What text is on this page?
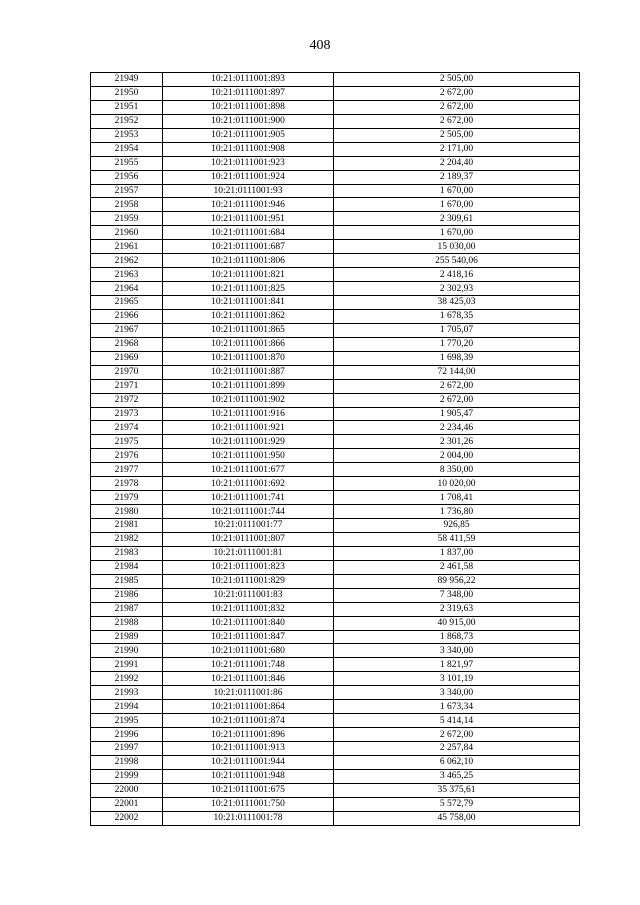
408
21949	10:21:0111001:893	2 505,00
21950	10:21:0111001:897	2 672,00
21951	10:21:0111001:898	2 672,00
21952	10:21:0111001:900	2 672,00
21953	10:21:0111001:905	2 505,00
21954	10:21:0111001:908	2 171,00
21955	10:21:0111001:923	2 204,40
21956	10:21:0111001:924	2 189,37
21957	10:21:0111001:93	1 670,00
21958	10:21:0111001:946	1 670,00
21959	10:21:0111001:951	2 309,61
21960	10:21:0111001:684	1 670,00
21961	10:21:0111001:687	15 030,00
21962	10:21:0111001:806	255 540,06
21963	10:21:0111001:821	2 418,16
21964	10:21:0111001:825	2 302,93
21965	10:21:0111001:841	38 425,03
21966	10:21:0111001:862	1 678,35
21967	10:21:0111001:865	1 705,07
21968	10:21:0111001:866	1 770,20
21969	10:21:0111001:870	1 698,39
21970	10:21:0111001:887	72 144,00
21971	10:21:0111001:899	2 672,00
21972	10:21:0111001:902	2 672,00
21973	10:21:0111001:916	1 905,47
21974	10:21:0111001:921	2 234,46
21975	10:21:0111001:929	2 301,26
21976	10:21:0111001:950	2 004,00
21977	10:21:0111001:677	8 350,00
21978	10:21:0111001:692	10 020,00
21979	10:21:0111001:741	1 708,41
21980	10:21:0111001:744	1 736,80
21981	10:21:0111001:77	926,85
21982	10:21:0111001:807	58 411,59
21983	10:21:0111001:81	1 837,00
21984	10:21:0111001:823	2 461,58
21985	10:21:0111001:829	89 956,22
21986	10:21:0111001:83	7 348,00
21987	10:21:0111001:832	2 319,63
21988	10:21:0111001:840	40 915,00
21989	10:21:0111001:847	1 868,73
21990	10:21:0111001:680	3 340,00
21991	10:21:0111001:748	1 821,97
21992	10:21:0111001:846	3 101,19
21993	10:21:0111001:86	3 340,00
21994	10:21:0111001:864	1 673,34
21995	10:21:0111001:874	5 414,14
21996	10:21:0111001:896	2 672,00
21997	10:21:0111001:913	2 257,84
21998	10:21:0111001:944	6 062,10
21999	10:21:0111001:948	3 465,25
22000	10:21:0111001:675	35 375,61
22001	10:21:0111001:750	5 572,79
22002	10:21:0111001:78	45 758,00
